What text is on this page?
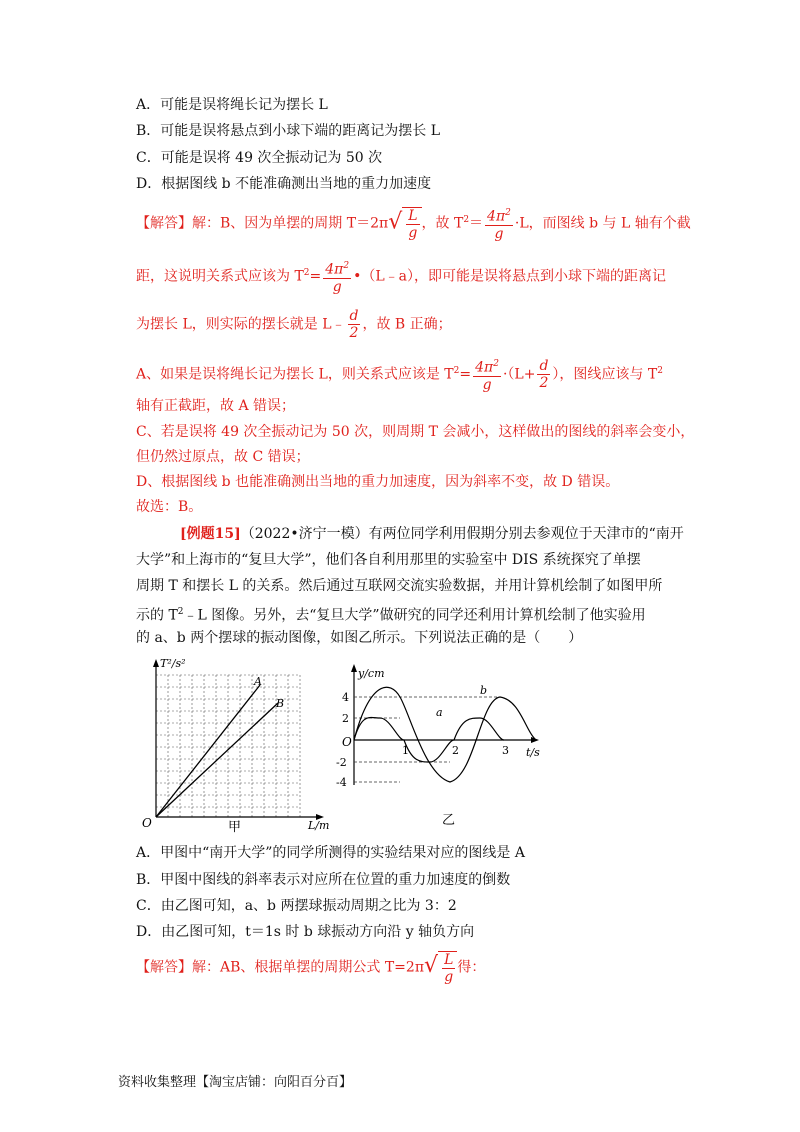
A．可能是误将绳长记为摆长 L
B．可能是误将悬点到小球下端的距离记为摆长 L
C．可能是误将 49 次全振动记为 50 次
D．根据图线 b 不能准确测出当地的重力加速度
【解答】解：B、因为单摆的周期 $T=2\pi√ \frac{L}{g}$ ，故 $T^2= \frac{4\pi^2}{g} \cdot L$，而图线 b 与 L 轴有个截
距，这说明关系式应该为 $T^2= \frac{4\pi^2}{g}$ •（L﹣a），即可能是误将悬点到小球下端的距离记
为摆长 L，则实际的摆长就是 L﹣ $\frac{d}{2}$ ，故 B 正确；
A、如果是误将绳长记为摆长 L，则关系式应该是 $T^2= \frac{4\pi^2}{g} \cdot(L+ \frac{d}{2}$ ），图线应该与 $T^2$
轴有正截距，故 A 错误；
C、若是误将 49 次全振动记为 50 次，则周期 T 会减小，这样做出的图线的斜率会变小，
但仍然过原点，故 C 错误；
D、根据图线 b 也能准确测出当地的重力加速度，因为斜率不变，故 D 错误。
故选：B。
[例题15]（2022•济宁一模）有两位同学利用假期分别去参观位于天津市的“南开
大学”和上海市的“复旦大学”，他们各自利用那里的实验室中 DIS 系统探究了单摆
周期 T 和摆长 L 的关系。然后通过互联网交流实验数据，并用计算机绘制了如图甲所
示的 $T^2﹣L$ 图像。另外，去“复旦大学”做研究的同学还利用计算机绘制了他实验用
的 a、b 两个摆球的振动图像，如图乙所示。下列说法正确的是（　　）
A
B
T²/s²
L/m
O	甲
y/cm
t/s
O
4
2
-2
-4
1	2	3
a
b
乙
A．甲图中“南开大学”的同学所测得的实验结果对应的图线是 A
B．甲图中图线的斜率表示对应所在位置的重力加速度的倒数
C．由乙图可知，a、b 两摆球振动周期之比为 3：2
D．由乙图可知，t＝1s 时 b 球振动方向沿 y 轴负方向
【解答】解：AB、根据单摆的周期公式 $T=2\pi√ \frac{L}{g}$ 得：
资料收集整理【淘宝店铺：向阳百分百】
